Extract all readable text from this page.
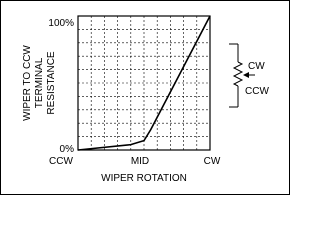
100%
0%
CCW	MID	CW
WIPER ROTATION
WIPER TO CCW TERMINAL RESISTANCE	CW
CCW
